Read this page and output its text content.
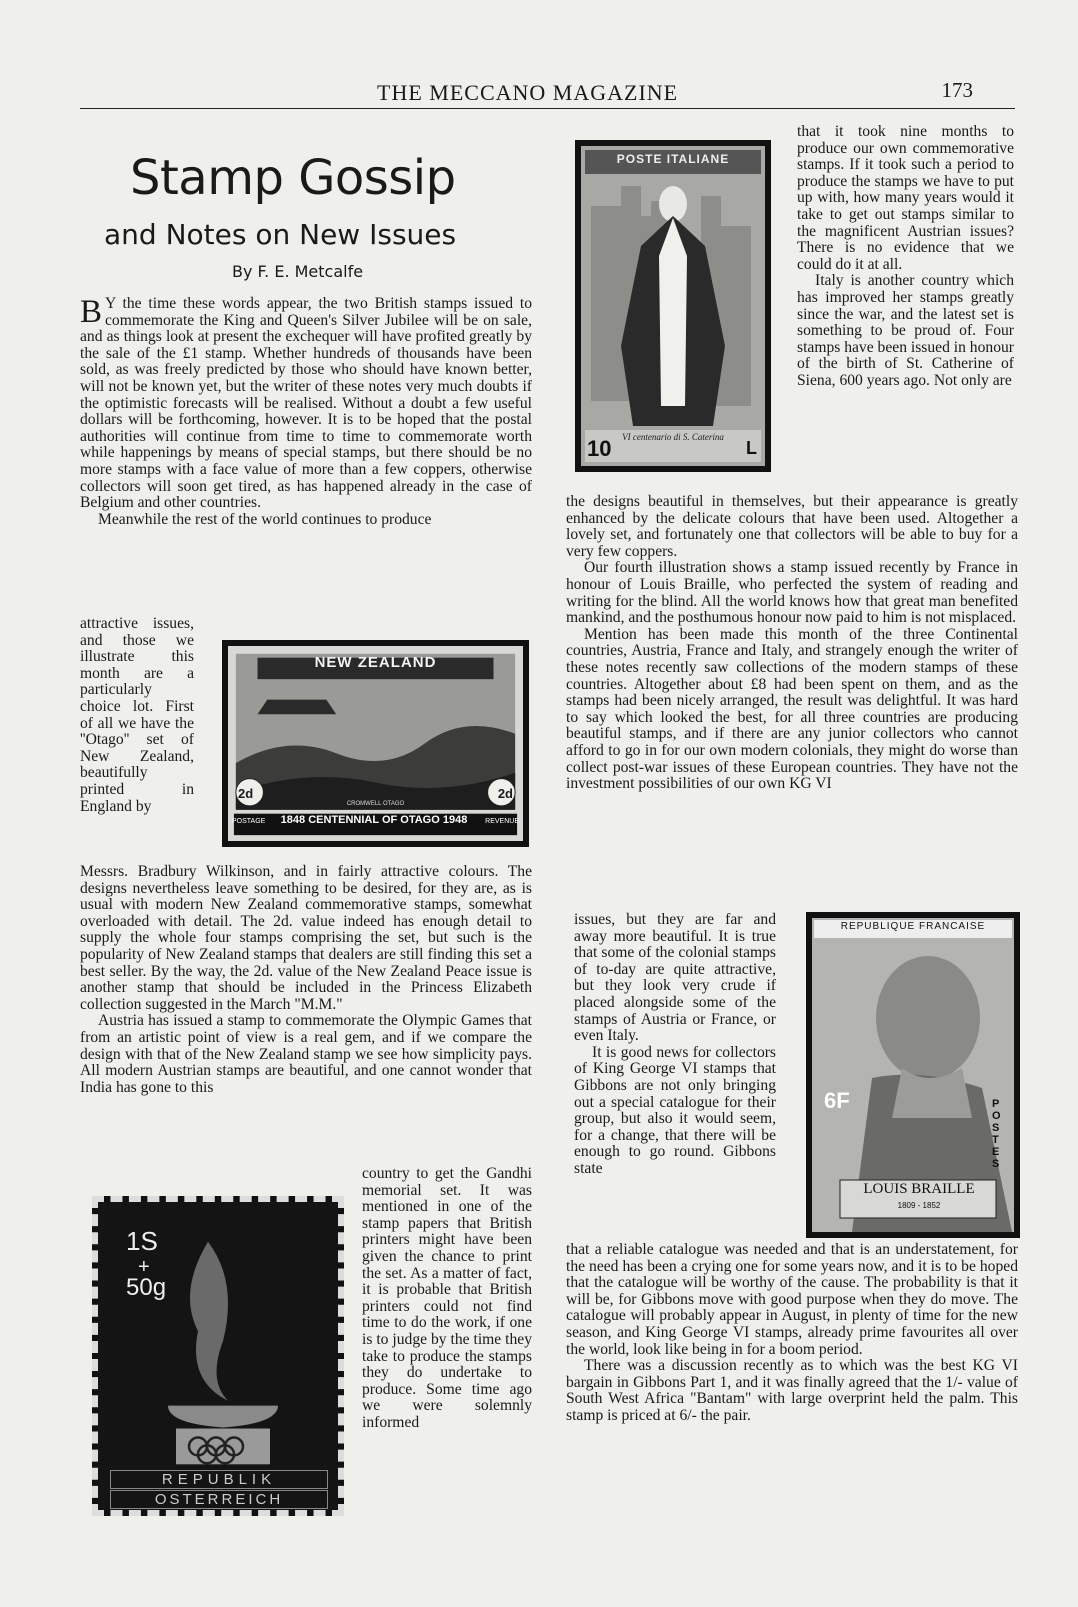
THE MECCANO MAGAZINE	173
Stamp Gossip
and Notes on New Issues
By F. E. Metcalfe

B Y the time these words appear, the two British stamps issued to commemorate the King and Queen's Silver Jubilee will be on sale, and as things look at present the exchequer will have profited greatly by the sale of the £1 stamp. Whether hundreds of thousands have been sold, as was freely predicted by those who should have known better, will not be known yet, but the writer of these notes very much doubts if the optimistic forecasts will be realised. Without a doubt a few useful dollars will be forthcoming, however. It is to be hoped that the postal authorities will continue from time to time to commemorate worth while happenings by means of special stamps, but there should be no more stamps with a face value of more than a few coppers, otherwise collectors will soon get tired, as has happened already in the case of Belgium and other countries.

Meanwhile the rest of the world continues to produce

attractive issues, and those we illustrate this month are a particularly choice lot. First of all we have the ''Otago'' set of New Zealand, beautifully printed in England by

NEW ZEALAND
2d	2d
CROMWELL OTAGO
POSTAGE	1848 CENTENNIAL OF OTAGO 1948	REVENUE

Messrs. Bradbury Wilkinson, and in fairly attractive colours. The designs nevertheless leave something to be desired, for they are, as is usual with modern New Zealand commemorative stamps, somewhat overloaded with detail. The 2d. value indeed has enough detail to supply the whole four stamps comprising the set, but such is the popularity of New Zealand stamps that dealers are still finding this set a best seller. By the way, the 2d. value of the New Zealand Peace issue is another stamp that should be included in the Princess Elizabeth collection suggested in the March "M.M."

Austria has issued a stamp to commemorate the Olympic Games that from an artistic point of view is a real gem, and if we compare the design with that of the New Zealand stamp we see how simplicity pays. All modern Austrian stamps are beautiful, and one cannot wonder that India has gone to this

1S
+
50g
REPUBLIK
OSTERREICH

country to get the Gandhi memorial set. It was mentioned in one of the stamp papers that British printers might have been given the chance to print the set. As a matter of fact, it is probable that British printers could not find time to do the work, if one is to judge by the time they take to produce the stamps they do undertake to produce. Some time ago we were solemnly informed

POSTE ITALIANE
10	L
VI centenario di S. Caterina

that it took nine months to produce our own commemorative stamps. If it took such a period to produce the stamps we have to put up with, how many years would it take to get out stamps similar to the magnificent Austrian issues? There is no evidence that we could do it at all.

Italy is another country which has improved her stamps greatly since the war, and the latest set is something to be proud of. Four stamps have been issued in honour of the birth of St. Catherine of Siena, 600 years ago. Not only are

the designs beautiful in themselves, but their appearance is greatly enhanced by the delicate colours that have been used. Altogether a lovely set, and fortunately one that collectors will be able to buy for a very few coppers.

Our fourth illustration shows a stamp issued recently by France in honour of Louis Braille, who perfected the system of reading and writing for the blind. All the world knows how that great man benefited mankind, and the posthumous honour now paid to him is not misplaced.

Mention has been made this month of the three Continental countries, Austria, France and Italy, and strangely enough the writer of these notes recently saw collections of the modern stamps of these countries. Altogether about £8 had been spent on them, and as the stamps had been nicely arranged, the result was delightful. It was hard to say which looked the best, for all three countries are producing beautiful stamps, and if there are any junior collectors who cannot afford to go in for our own modern colonials, they might do worse than collect post-war issues of these European countries. They have not the investment possibilities of our own KG VI

issues, but they are far and away more beautiful. It is true that some of the colonial stamps of to-day are quite attractive, but they look very crude if placed alongside some of the stamps of Austria or France, or even Italy.

It is good news for collectors of King George VI stamps that Gibbons are not only bringing out a special catalogue for their group, but also it would seem, for a change, that there will be enough to go round. Gibbons state

REPUBLIQUE FRANCAISE
6F	POSTES
LOUIS BRAILLE
1809 - 1852

that a reliable catalogue was needed and that is an understatement, for the need has been a crying one for some years now, and it is to be hoped that the catalogue will be worthy of the cause. The probability is that it will be, for Gibbons move with good purpose when they do move. The catalogue will probably appear in August, in plenty of time for the new season, and King George VI stamps, already prime favourites all over the world, look like being in for a boom period.

There was a discussion recently as to which was the best KG VI bargain in Gibbons Part 1, and it was finally agreed that the 1/- value of South West Africa "Bantam" with large overprint held the palm. This stamp is priced at 6/- the pair.
